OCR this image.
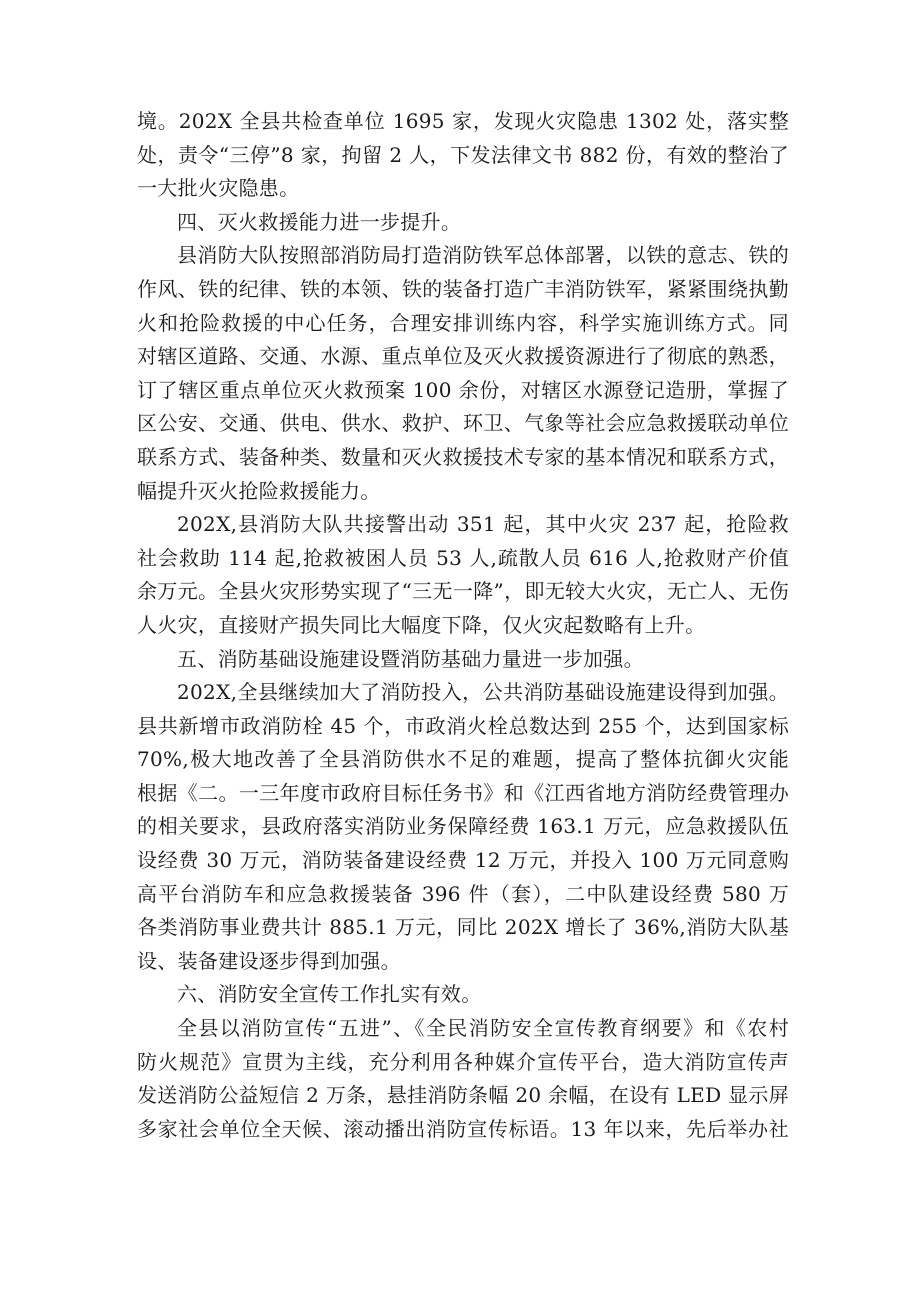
境。202X 全县共检查单位 1695 家，发现火灾隐患 1302 处，落实整
处，责令“三停”8 家，拘留 2 人，下发法律文书 882 份，有效的整治了
一大批火灾隐患。
四、灭火救援能力进一步提升。
县消防大队按照部消防局打造消防铁军总体部署，以铁的意志、铁的
作风、铁的纪律、铁的本领、铁的装备打造广丰消防铁军，紧紧围绕执勤
火和抢险救援的中心任务，合理安排训练内容，科学实施训练方式。同
对辖区道路、交通、水源、重点单位及灭火救援资源进行了彻底的熟悉，
订了辖区重点单位灭火救预案 100 余份，对辖区水源登记造册，掌握了
区公安、交通、供电、供水、救护、环卫、气象等社会应急救援联动单位
联系方式、装备种类、数量和灭火救援技术专家的基本情况和联系方式，
幅提升灭火抢险救援能力。
202X,县消防大队共接警出动 351 起，其中火灾 237 起，抢险救
社会救助 114 起,抢救被困人员 53 人,疏散人员 616 人,抢救财产价值
余万元。全县火灾形势实现了“三无一降”，即无较大火灾，无亡人、无伤
人火灾，直接财产损失同比大幅度下降，仅火灾起数略有上升。
五、消防基础设施建设暨消防基础力量进一步加强。
202X,全县继续加大了消防投入，公共消防基础设施建设得到加强。
县共新增市政消防栓 45 个，市政消火栓总数达到 255 个，达到国家标
70%,极大地改善了全县消防供水不足的难题，提高了整体抗御火灾能
根据《二。一三年度市政府目标任务书》和《江西省地方消防经费管理办
的相关要求，县政府落实消防业务保障经费 163.1 万元，应急救援队伍
设经费 30 万元，消防装备建设经费 12 万元，并投入 100 万元同意购
高平台消防车和应急救援装备 396 件（套），二中队建设经费 580 万
各类消防事业费共计 885.1 万元，同比 202X 增长了 36%,消防大队基
设、装备建设逐步得到加强。
六、消防安全宣传工作扎实有效。
全县以消防宣传“五进”、《全民消防安全宣传教育纲要》和《农村
防火规范》宣贯为主线，充分利用各种媒介宣传平台，造大消防宣传声
发送消防公益短信 2 万条，悬挂消防条幅 20 余幅，在设有 LED 显示屏
多家社会单位全天候、滚动播出消防宣传标语。13 年以来，先后举办社
